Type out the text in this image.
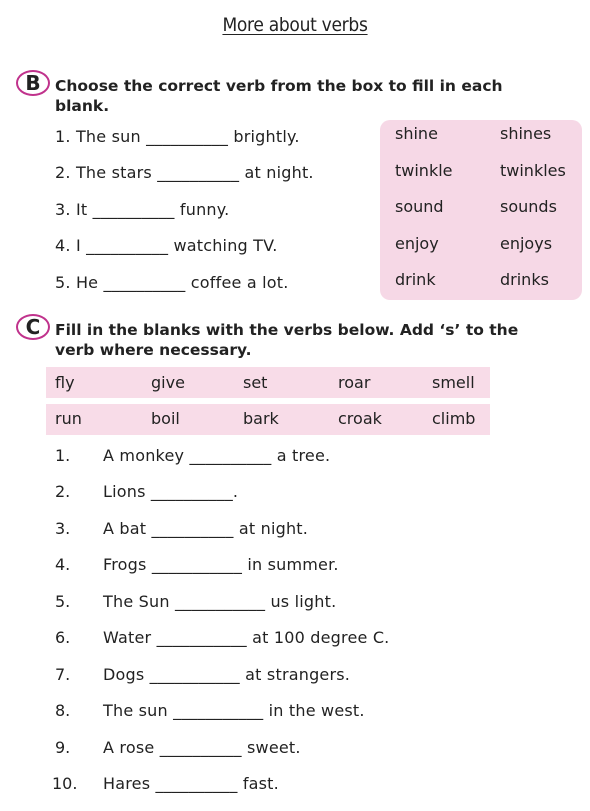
More about verbs
B Choose the correct verb from the box to fill in each
blank.
1. The sun __________ brightly.
2. The stars __________ at night.
3. It __________ funny.
4. I __________ watching TV.
5. He __________ coffee a lot.
shine	shines
twinkle	twinkles
sound	sounds
enjoy	enjoys
drink	drinks
C Fill in the blanks with the verbs below. Add ‘s’ to the
verb where necessary.
fly	give	set	roar	smell
run	boil	bark	croak	climb
1. A monkey __________ a tree.
2. Lions __________.
3. A bat __________ at night.
4. Frogs ___________ in summer.
5. The Sun ___________ us light.
6. Water ___________ at 100 degree C.
7. Dogs ___________ at strangers.
8. The sun ___________ in the west.
9. A rose __________ sweet.
10. Hares __________ fast.
